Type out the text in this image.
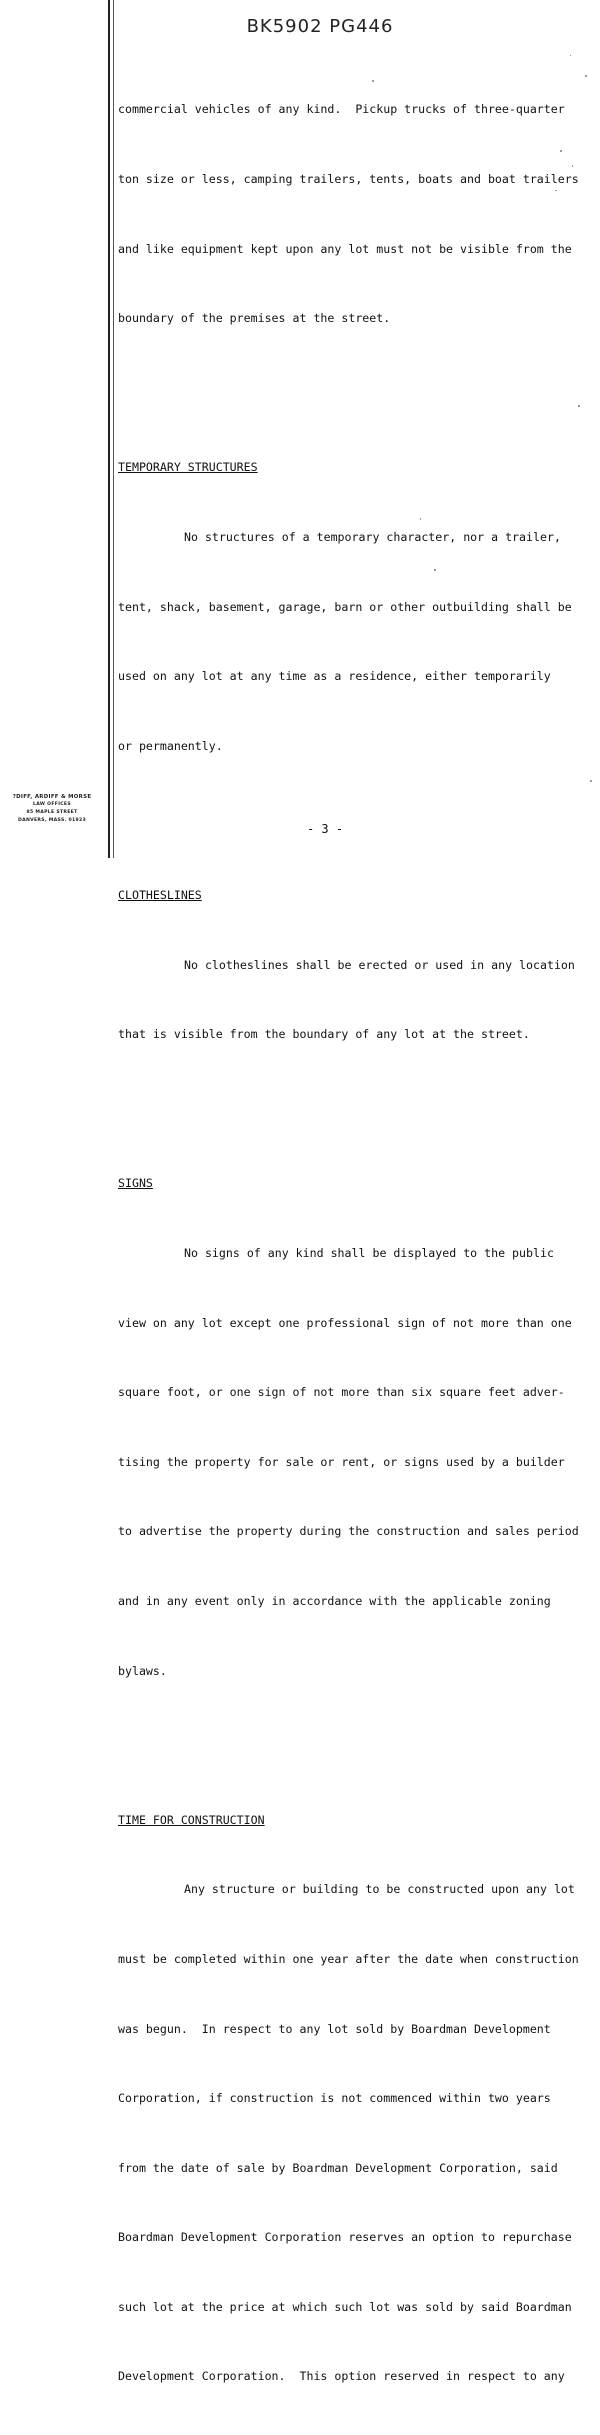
BK5902 PG446

commercial vehicles of any kind.  Pickup trucks of three-quarter

ton size or less, camping trailers, tents, boats and boat trailers

and like equipment kept upon any lot must not be visible from the

boundary of the premises at the street.

TEMPORARY STRUCTURES

No structures of a temporary character, nor a trailer,

tent, shack, basement, garage, barn or other outbuilding shall be

used on any lot at any time as a residence, either temporarily

or permanently.

CLOTHESLINES

No clotheslines shall be erected or used in any location

that is visible from the boundary of any lot at the street.

SIGNS

No signs of any kind shall be displayed to the public

view on any lot except one professional sign of not more than one

square foot, or one sign of not more than six square feet adver-

tising the property for sale or rent, or signs used by a builder

to advertise the property during the construction and sales period

and in any event only in accordance with the applicable zoning

bylaws.

TIME FOR CONSTRUCTION

Any structure or building to be constructed upon any lot

must be completed within one year after the date when construction

was begun.  In respect to any lot sold by Boardman Development

Corporation, if construction is not commenced within two years

from the date of sale by Boardman Development Corporation, said

Boardman Development Corporation reserves an option to repurchase

such lot at the price at which such lot was sold by said Boardman

Development Corporation.  This option reserved in respect to any

- 3 -
?DIFF, ARDIFF & MORSE
LAW OFFICES
85 MAPLE STREET
DANVERS, MASS. 01923
